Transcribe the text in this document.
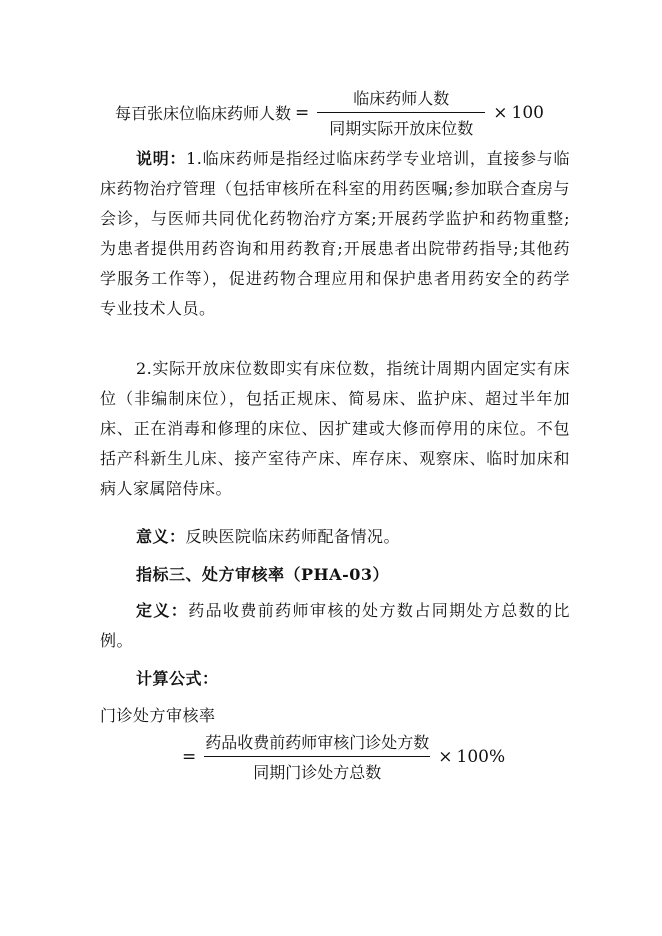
每百张床位临床药师人数 = $\frac{\text{临床药师人数}}{\text{同期实际开放床位数}} \times 100$

说明：1.临床药师是指经过临床药学专业培训，直接参与临床药物治疗管理（包括审核所在科室的用药医嘱;参加联合查房与会诊，与医师共同优化药物治疗方案;开展药学监护和药物重整;为患者提供用药咨询和用药教育;开展患者出院带药指导;其他药学服务工作等），促进药物合理应用和保护患者用药安全的药学专业技术人员。

2.实际开放床位数即实有床位数，指统计周期内固定实有床位（非编制床位），包括正规床、简易床、监护床、超过半年加床、正在消毒和修理的床位、因扩建或大修而停用的床位。不包括产科新生儿床、接产室待产床、库存床、观察床、临时加床和病人家属陪侍床。

意义：反映医院临床药师配备情况。

指标三、处方审核率（PHA-03）

定义：药品收费前药师审核的处方数占同期处方总数的比例。

计算公式：

门诊处方审核率
= $\frac{\text{药品收费前药师审核门诊处方数}}{\text{同期门诊处方总数}} \times 100\%$
